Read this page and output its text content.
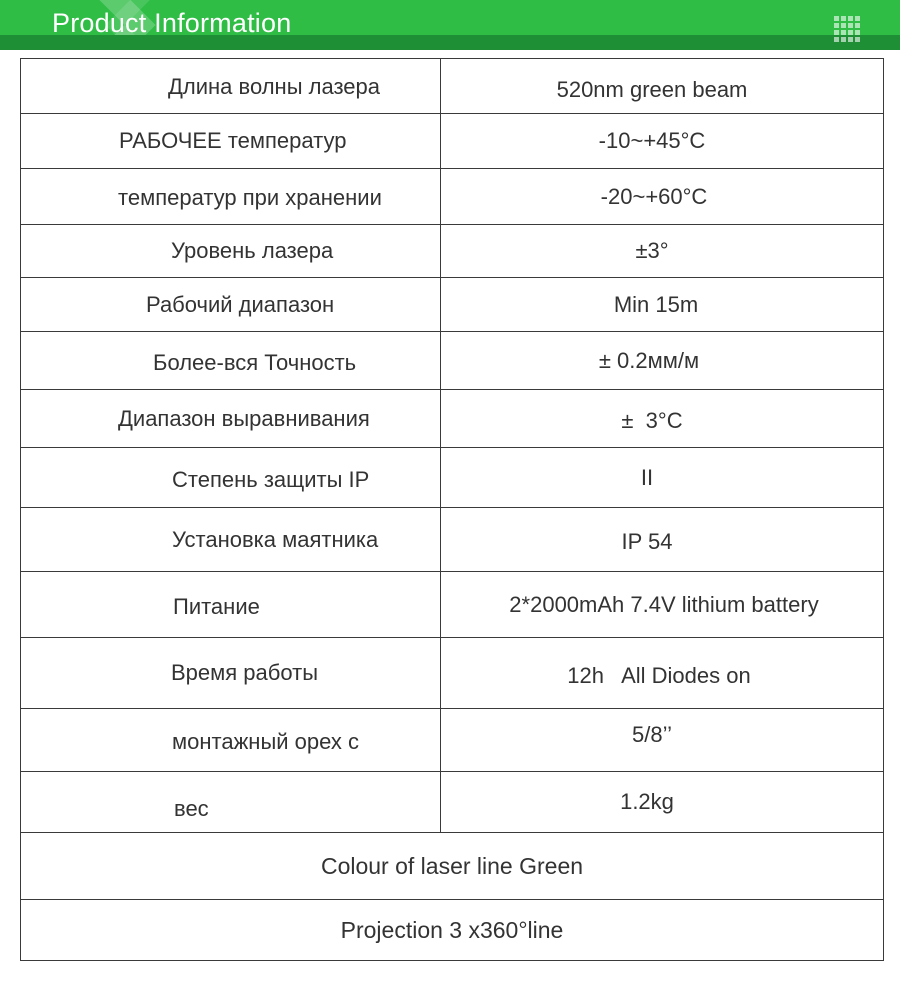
Product Information
Длина волны лазера	520nm green beam
РАБОЧЕЕ температур	-10~+45°C
температур при хранении	-20~+60°C
Уровень лазера	±3°
Рабочий диапазон	Min 15m
Более-вся Точность	± 0.2мм/м
Диапазон выравнивания	±  3°C
Степень защиты IP	II
Установка маятника	IP 54
Питание	2*2000mAh 7.4V lithium battery
Время работы	12h   All Diodes on
монтажный орех с	5/8’’
вес	1.2kg
Colour of laser line Green
Projection 3 x360°line
